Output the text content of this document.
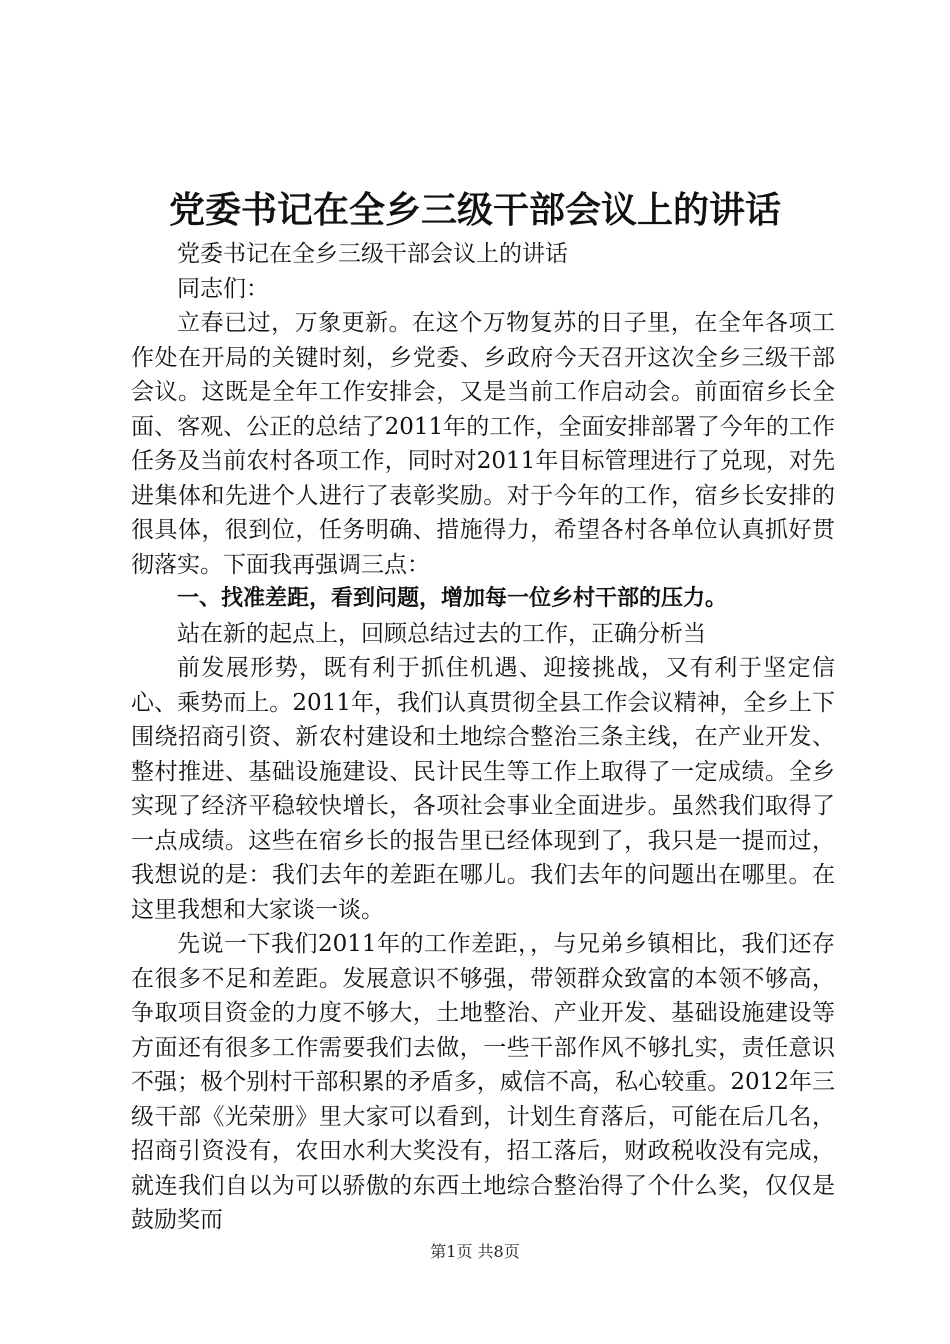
党委书记在全乡三级干部会议上的讲话

党委书记在全乡三级干部会议上的讲话

同志们：

立春已过，万象更新。在这个万物复苏的日子里，在全年各项工作处在开局的关键时刻，乡党委、乡政府今天召开这次全乡三级干部会议。这既是全年工作安排会，又是当前工作启动会。前面宿乡长全面、客观、公正的总结了2011年的工作，全面安排部署了今年的工作任务及当前农村各项工作，同时对2011年目标管理进行了兑现，对先进集体和先进个人进行了表彰奖励。对于今年的工作，宿乡长安排的很具体，很到位，任务明确、措施得力，希望各村各单位认真抓好贯彻落实。下面我再强调三点：

一、找准差距，看到问题，增加每一位乡村干部的压力。

站在新的起点上，回顾总结过去的工作，正确分析当

前发展形势，既有利于抓住机遇、迎接挑战，又有利于坚定信心、乘势而上。2011年，我们认真贯彻全县工作会议精神，全乡上下围绕招商引资、新农村建设和土地综合整治三条主线，在产业开发、整村推进、基础设施建设、民计民生等工作上取得了一定成绩。全乡实现了经济平稳较快增长，各项社会事业全面进步。虽然我们取得了一点成绩。这些在宿乡长的报告里已经体现到了，我只是一提而过，我想说的是：我们去年的差距在哪儿。我们去年的问题出在哪里。在这里我想和大家谈一谈。

先说一下我们2011年的工作差距，，与兄弟乡镇相比，我们还存在很多不足和差距。发展意识不够强，带领群众致富的本领不够高，争取项目资金的力度不够大，土地整治、产业开发、基础设施建设等方面还有很多工作需要我们去做，一些干部作风不够扎实，责任意识不强；极个别村干部积累的矛盾多，威信不高，私心较重。2012年三级干部《光荣册》里大家可以看到，计划生育落后，可能在后几名，招商引资没有，农田水利大奖没有，招工落后，财政税收没有完成，就连我们自以为可以骄傲的东西土地综合整治得了个什么奖，仅仅是鼓励奖而

第1页 共8页
